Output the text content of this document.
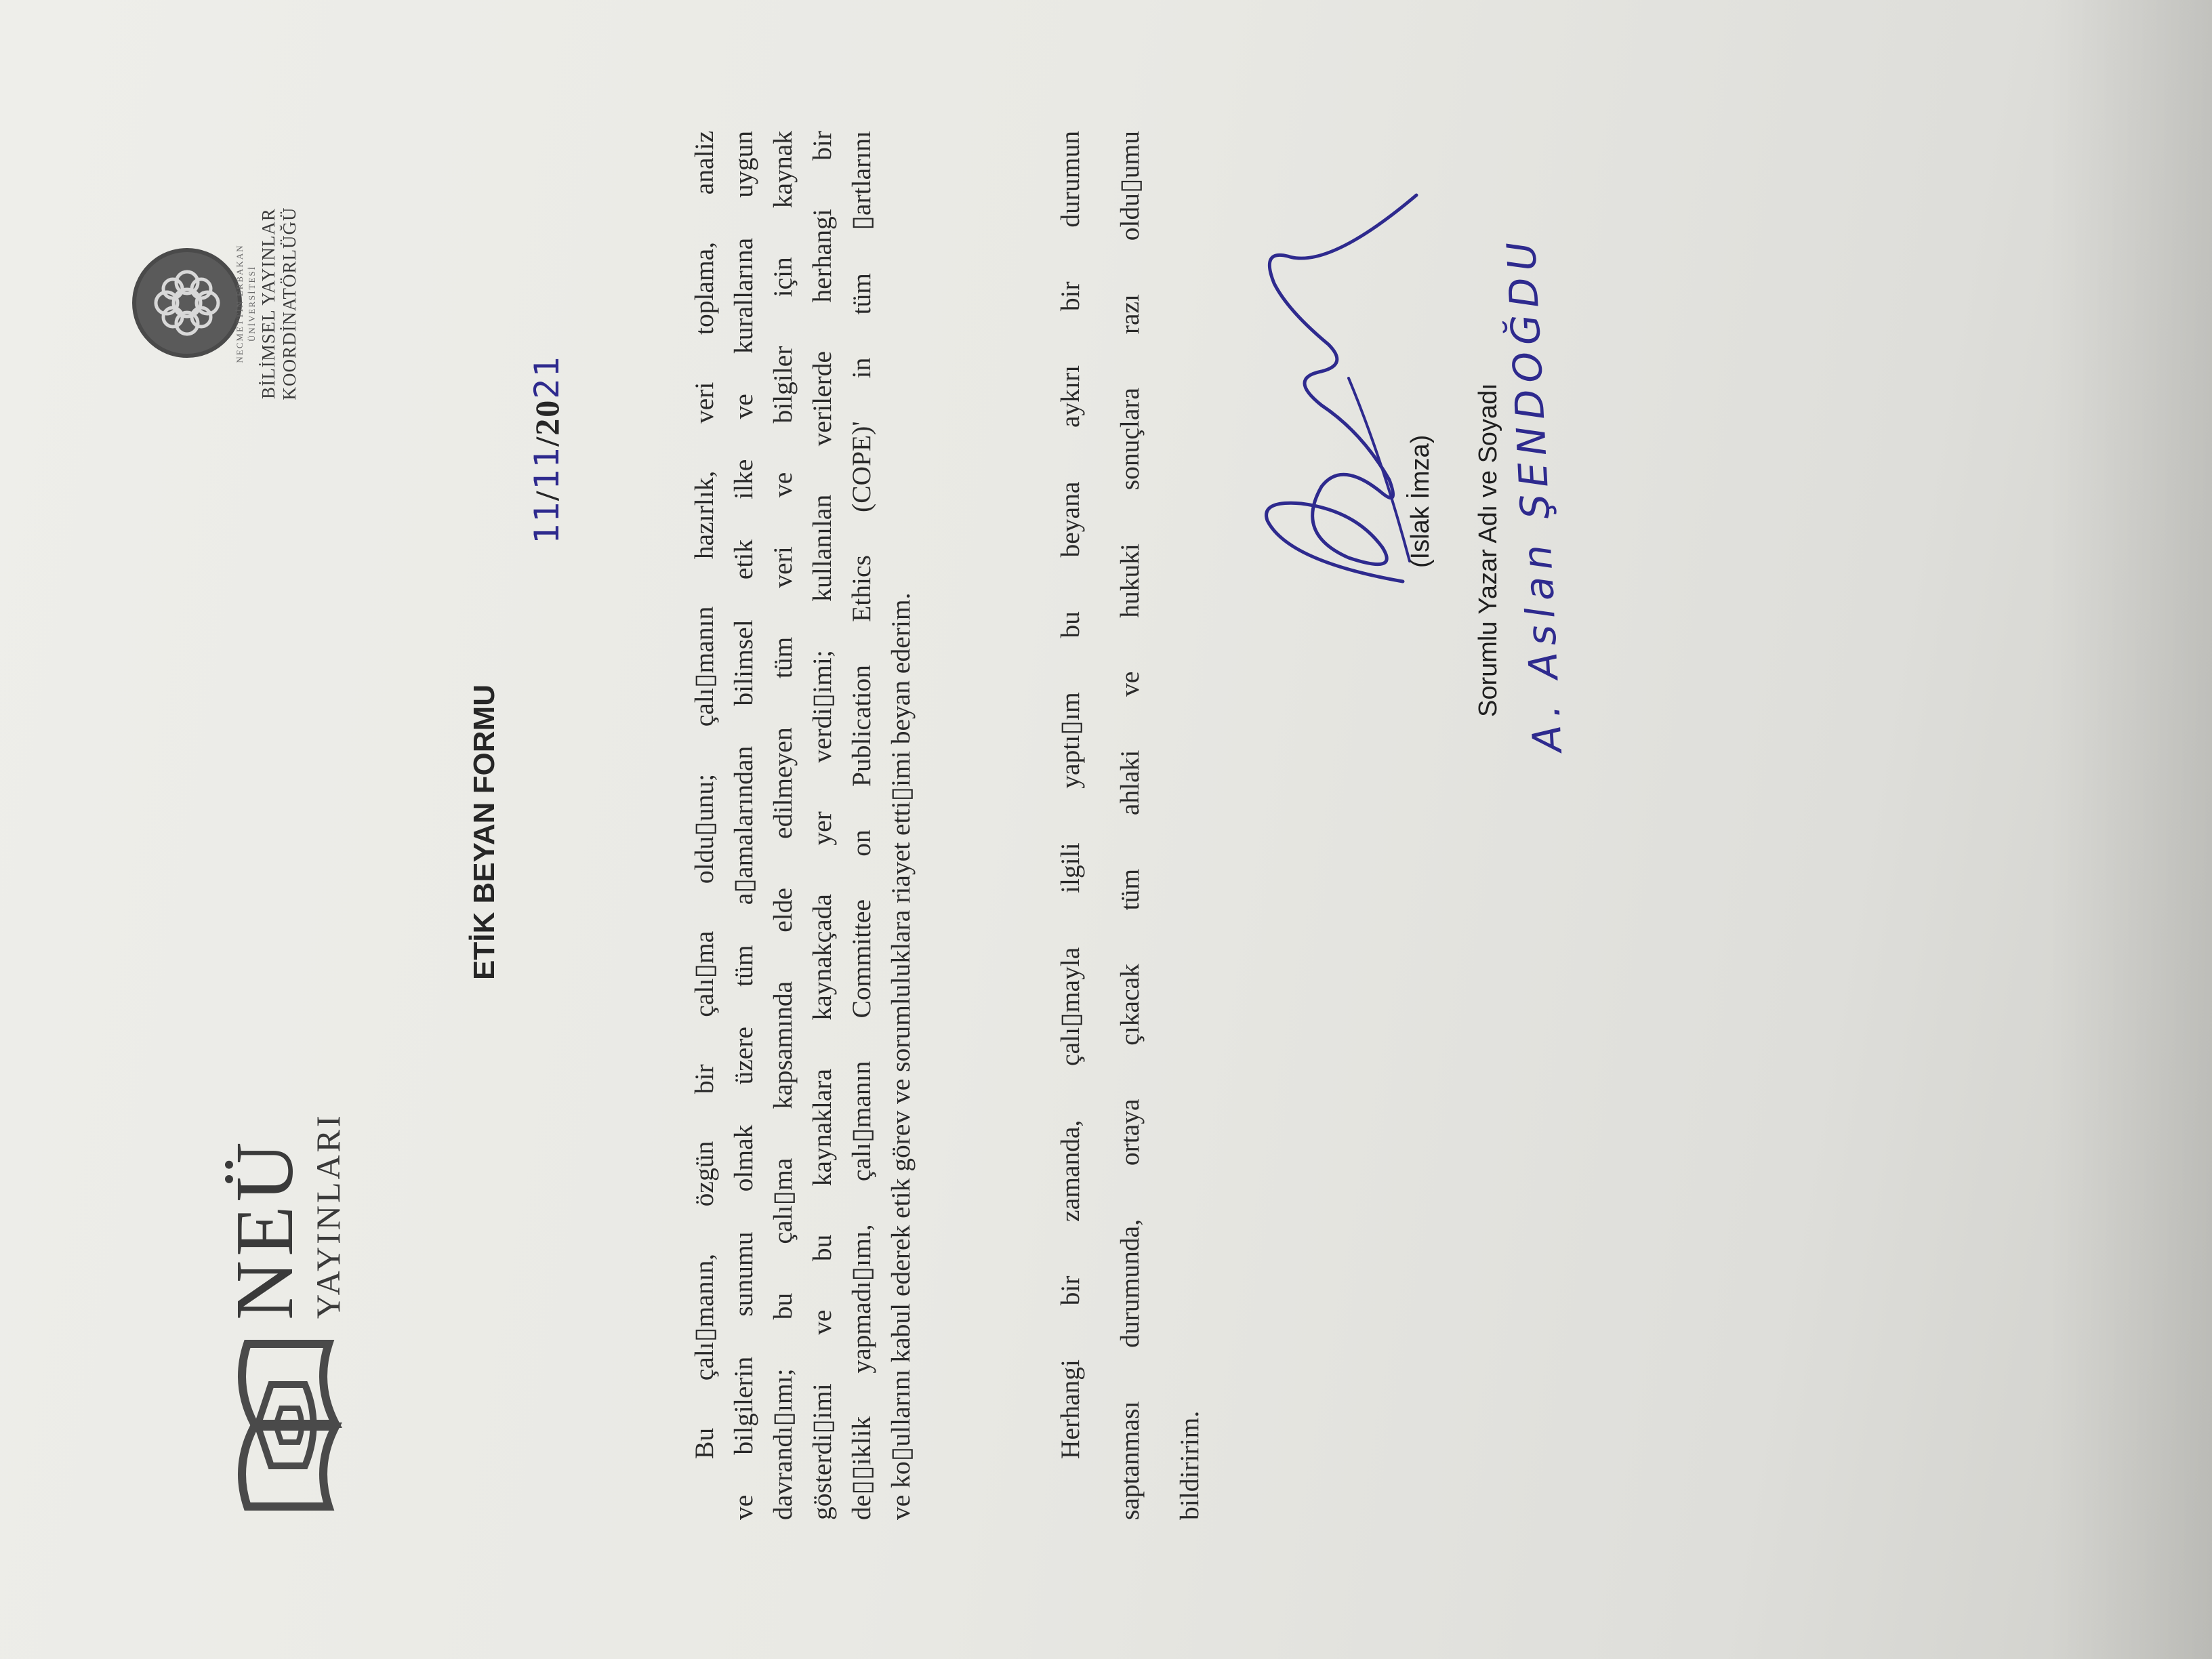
NEÜ
YAYINLARI
NECMETTİN ERBAKAN ÜNİVERSİTESİ BİLİMSEL YAYINLAR KOORDİNATÖRLÜĞÜ
ETİK BEYAN FORMU
11/11/2021	Bu çalı▯manın, özgün bir çalı▯ma oldu▯unu; çalı▯manın hazırlık, veri toplama, analiz ve bilgilerin sunumu olmak üzere tüm a▯amalarından bilimsel etik ilke ve kurallarına uygun davrandı▯ımı; bu çalı▯ma kapsamında elde edilmeyen tüm veri ve bilgiler için kaynak gösterdi▯imi ve bu kaynaklara kaynakçada yer verdi▯imi; kullanılan verilerde herhangi bir de▯▯iklik yapmadı▯ımı, çalı▯manın Committee on Publication Ethics (COPE)' in tüm ▯artlarını ve ko▯ullarını kabul ederek etik görev ve sorumluluklara riayet etti▯imi beyan ederim.	Herhangi bir zamanda, çalı▯mayla ilgili yaptı▯ım bu beyana aykırı bir durumun	saptanması durumunda, ortaya çıkacak tüm ahlaki ve hukuki sonuçlara razı oldu▯umu	bildiririm.

(Islak İmza) Sorumlu Yazar Adı ve Soyadı
A. Aslan ŞENDOĞDU
